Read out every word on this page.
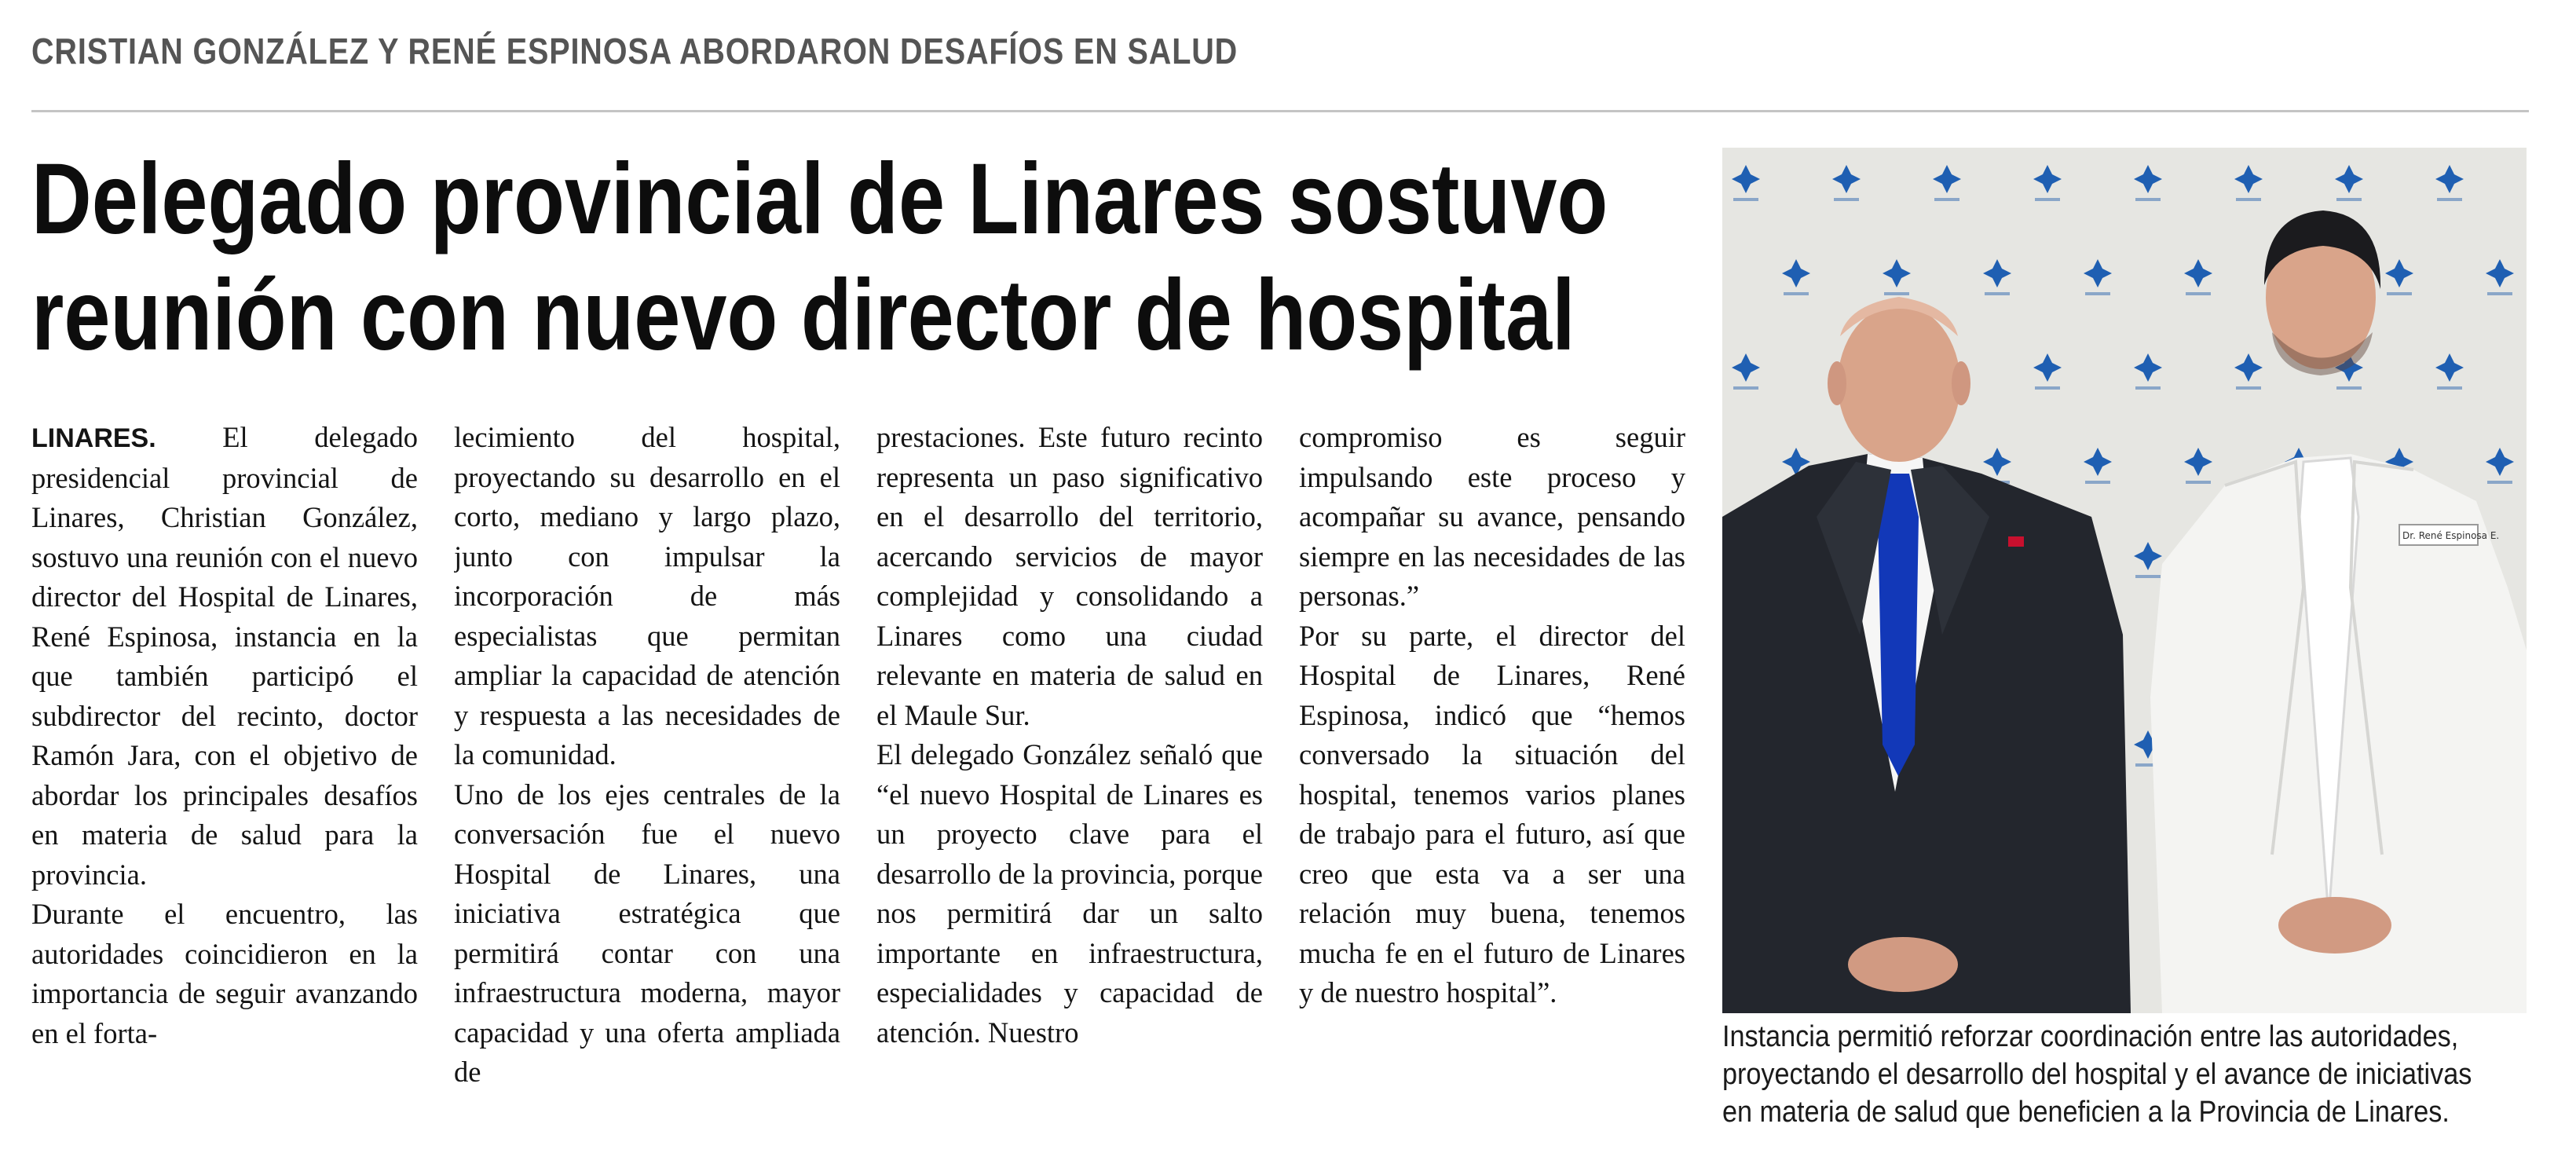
CRISTIAN GONZÁLEZ Y RENÉ ESPINOSA ABORDARON DESAFÍOS EN SALUD
Delegado provincial de Linares sostuvo
reunión con nuevo director de hospital

LINARES. El delegado presidencial provincial de Linares, Christian González, sostuvo una reunión con el nuevo director del Hospital de Linares, René Espinosa, instancia en la que también participó el subdirector del recinto, doctor Ramón Jara, con el objetivo de abordar los principales desafíos en materia de salud para la provincia.

Durante el encuentro, las autoridades coincidieron en la importancia de seguir avanzando en el forta-

lecimiento del hospital, proyectando su desarrollo en el corto, mediano y largo plazo, junto con impulsar la incorporación de más especialistas que permitan ampliar la capacidad de atención y respuesta a las necesidades de la comunidad.

Uno de los ejes centrales de la conversación fue el nuevo Hospital de Linares, una iniciativa estratégica que permitirá contar con una infraestructura moderna, mayor capacidad y una oferta ampliada de

prestaciones. Este futuro recinto representa un paso significativo en el desarrollo del territorio, acercando servicios de mayor complejidad y consolidando a Linares como una ciudad relevante en materia de salud en el Maule Sur.

El delegado González señaló que “el nuevo Hospital de Linares es un proyecto clave para el desarrollo de la provincia, porque nos permitirá dar un salto importante en infraestructura, especialidades y capacidad de atención. Nuestro

compromiso es seguir impulsando este proceso y acompañar su avance, pensando siempre en las necesidades de las personas.”

Por su parte, el director del Hospital de Linares, René Espinosa, indicó que “hemos conversado la situación del hospital, tenemos varios planes de trabajo para el futuro, así que creo que esta va a ser una relación muy buena, tenemos mucha fe en el futuro de Linares y de nuestro hospital”.

Dr. René Espinosa E.
Instancia permitió reforzar coordinación entre las autoridades,
proyectando el desarrollo del hospital y el avance de iniciativas
en materia de salud que beneficien a la Provincia de Linares.
